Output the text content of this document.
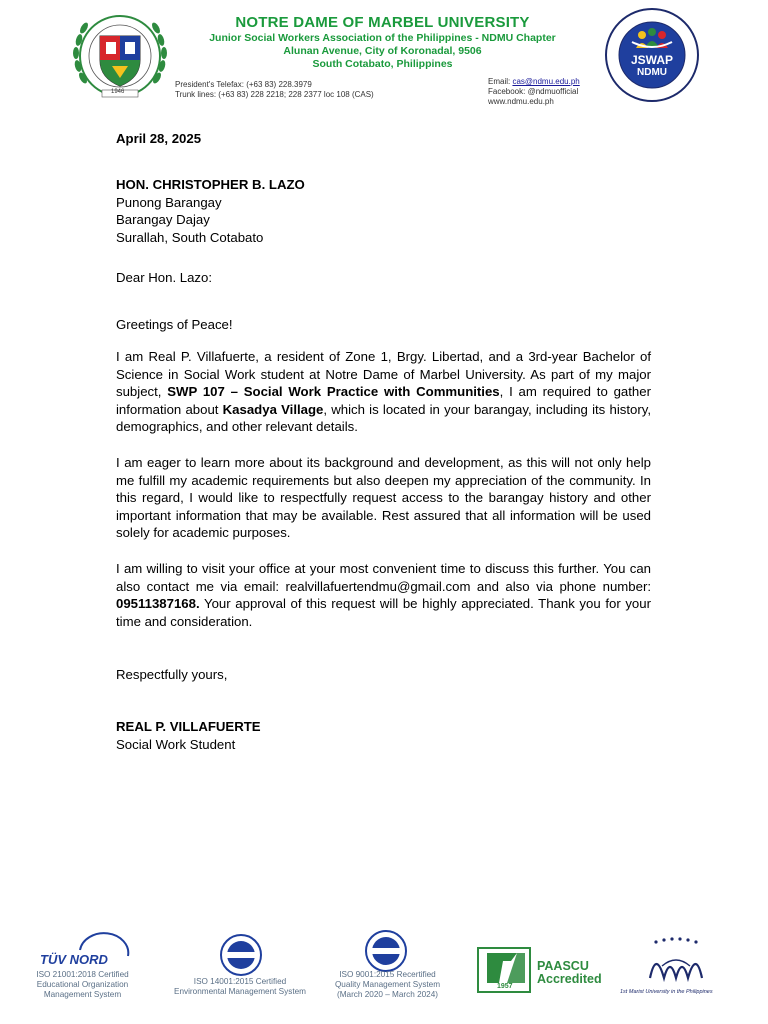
1946
NOTRE DAME OF MARBEL UNIVERSITY
Junior Social Workers Association of the Philippines - NDMU Chapter
Alunan Avenue, City of Koronadal, 9506
South Cotabato, Philippines
President's Telefax: (+63 83) 228.3979
Trunk lines: (+63 83) 228 2218; 228 2377 loc 108 (CAS)
Email: cas@ndmu.edu.ph
Facebook: @ndmuofficial
www.ndmu.edu.ph
JSWAP
NDMU
April 28, 2025
HON. CHRISTOPHER B. LAZO
Punong Barangay
Barangay Dajay
Surallah, South Cotabato
Dear Hon. Lazo:
Greetings of Peace!

I am Real P. Villafuerte, a resident of Zone 1, Brgy. Libertad, and a 3rd-year Bachelor of Science in Social Work student at Notre Dame of Marbel University. As part of my major subject, SWP 107 – Social Work Practice with Communities, I am required to gather information about Kasadya Village, which is located in your barangay, including its history, demographics, and other relevant details.

I am eager to learn more about its background and development, as this will not only help me fulfill my academic requirements but also deepen my appreciation of the community. In this regard, I would like to respectfully request access to the barangay history and other important information that may be available. Rest assured that all information will be used solely for academic purposes.

I am willing to visit your office at your most convenient time to discuss this further. You can also contact me via email: realvillafuertendmu@gmail.com and also via phone number: 09511387168. Your approval of this request will be highly appreciated. Thank you for your time and consideration.

Respectfully yours,
REAL P. VILLAFUERTE
Social Work Student
TÜV NORD
ISO 21001:2018 Certified
Educational Organization
Management System
ISO 14001:2015 Certified
Environmental Management System
ISO 9001:2015 Recertified
Quality Management System
(March 2020 – March 2024)
1957
PAASCU
Accredited
1st Marist University in the Philippines
